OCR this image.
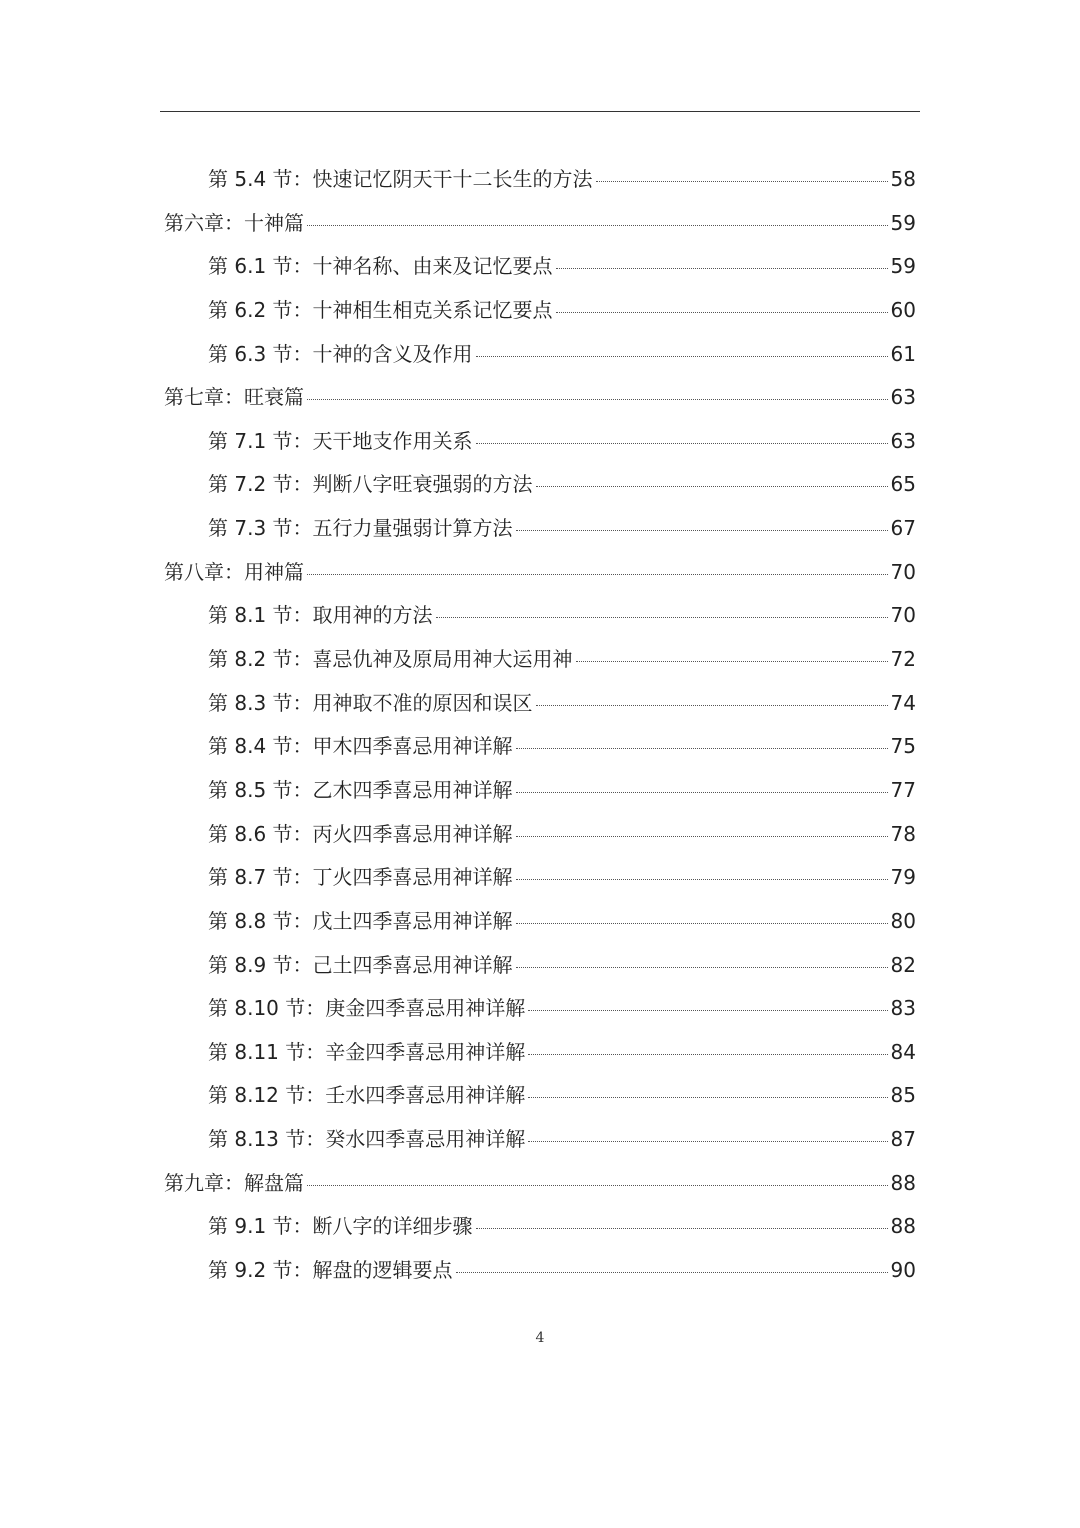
第 5.4 节：快速记忆阴天干十二长生的方法	58
第六章：十神篇	59
第 6.1 节：十神名称、由来及记忆要点	59
第 6.2 节：十神相生相克关系记忆要点	60
第 6.3 节：十神的含义及作用	61
第七章：旺衰篇	63
第 7.1 节：天干地支作用关系	63
第 7.2 节：判断八字旺衰强弱的方法	65
第 7.3 节：五行力量强弱计算方法	67
第八章：用神篇	70
第 8.1 节：取用神的方法	70
第 8.2 节：喜忌仇神及原局用神大运用神	72
第 8.3 节：用神取不准的原因和误区	74
第 8.4 节：甲木四季喜忌用神详解	75
第 8.5 节：乙木四季喜忌用神详解	77
第 8.6 节：丙火四季喜忌用神详解	78
第 8.7 节：丁火四季喜忌用神详解	79
第 8.8 节：戊土四季喜忌用神详解	80
第 8.9 节：己土四季喜忌用神详解	82
第 8.10 节：庚金四季喜忌用神详解	83
第 8.11 节：辛金四季喜忌用神详解	84
第 8.12 节：壬水四季喜忌用神详解	85
第 8.13 节：癸水四季喜忌用神详解	87
第九章：解盘篇	88
第 9.1 节：断八字的详细步骤	88
第 9.2 节：解盘的逻辑要点	90
4
